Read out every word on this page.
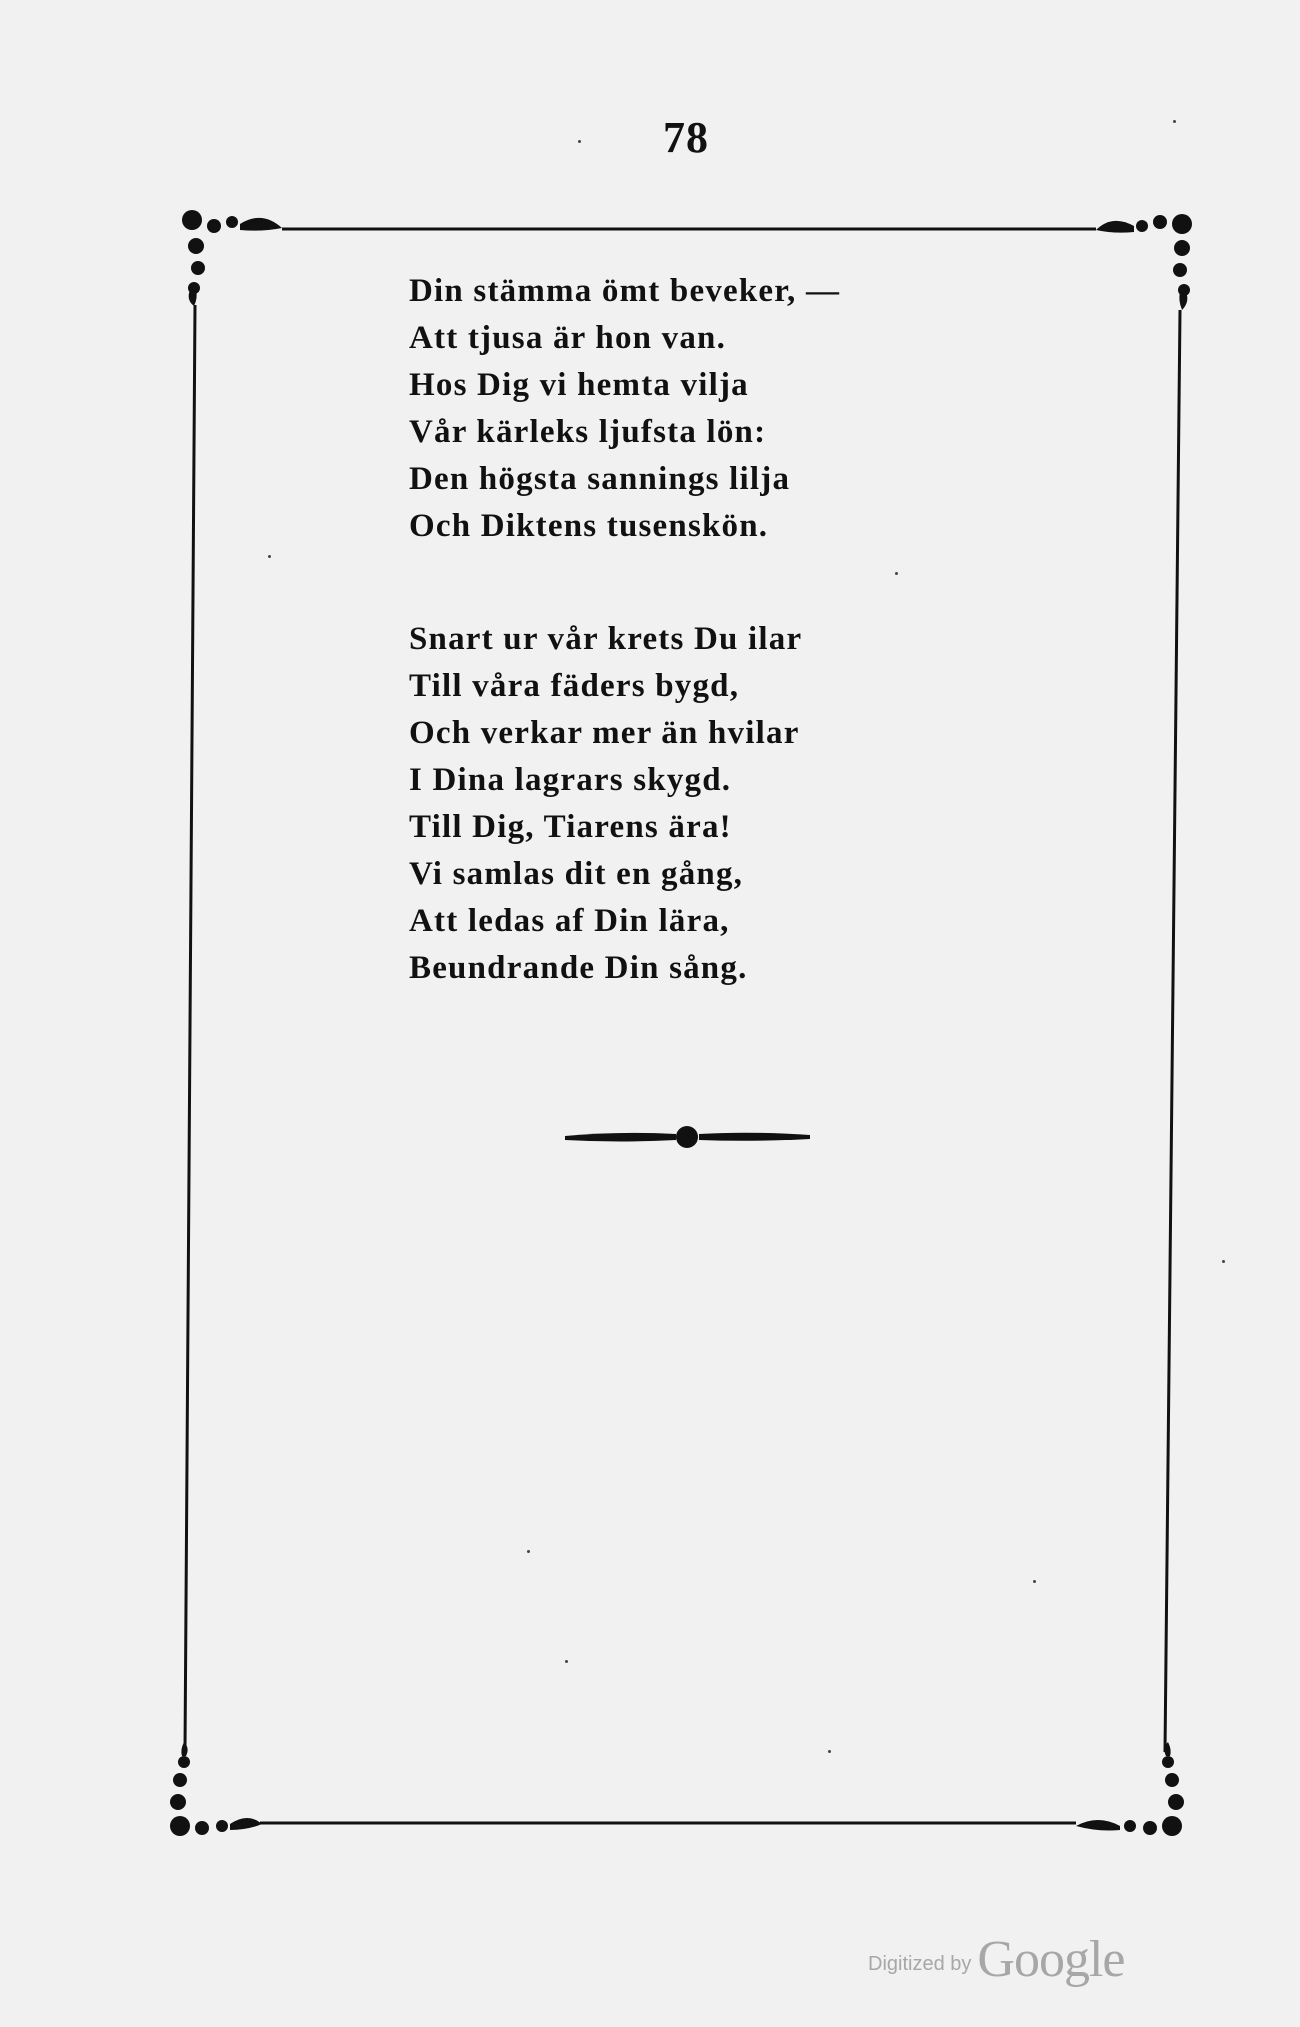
78
Din stämma ömt beveker, —
Att tjusa är hon van.
Hos Dig vi hemta vilja
Vår kärleks ljufsta lön:
Den högsta sannings lilja
Och Diktens tusenskön.
Snart ur vår krets Du ilar
Till våra fäders bygd,
Och verkar mer än hvilar
I Dina lagrars skygd.
Till Dig, Tiarens ära!
Vi samlas dit en gång,
Att ledas af Din lära,
Beundrande Din sång.
Digitized by Google
